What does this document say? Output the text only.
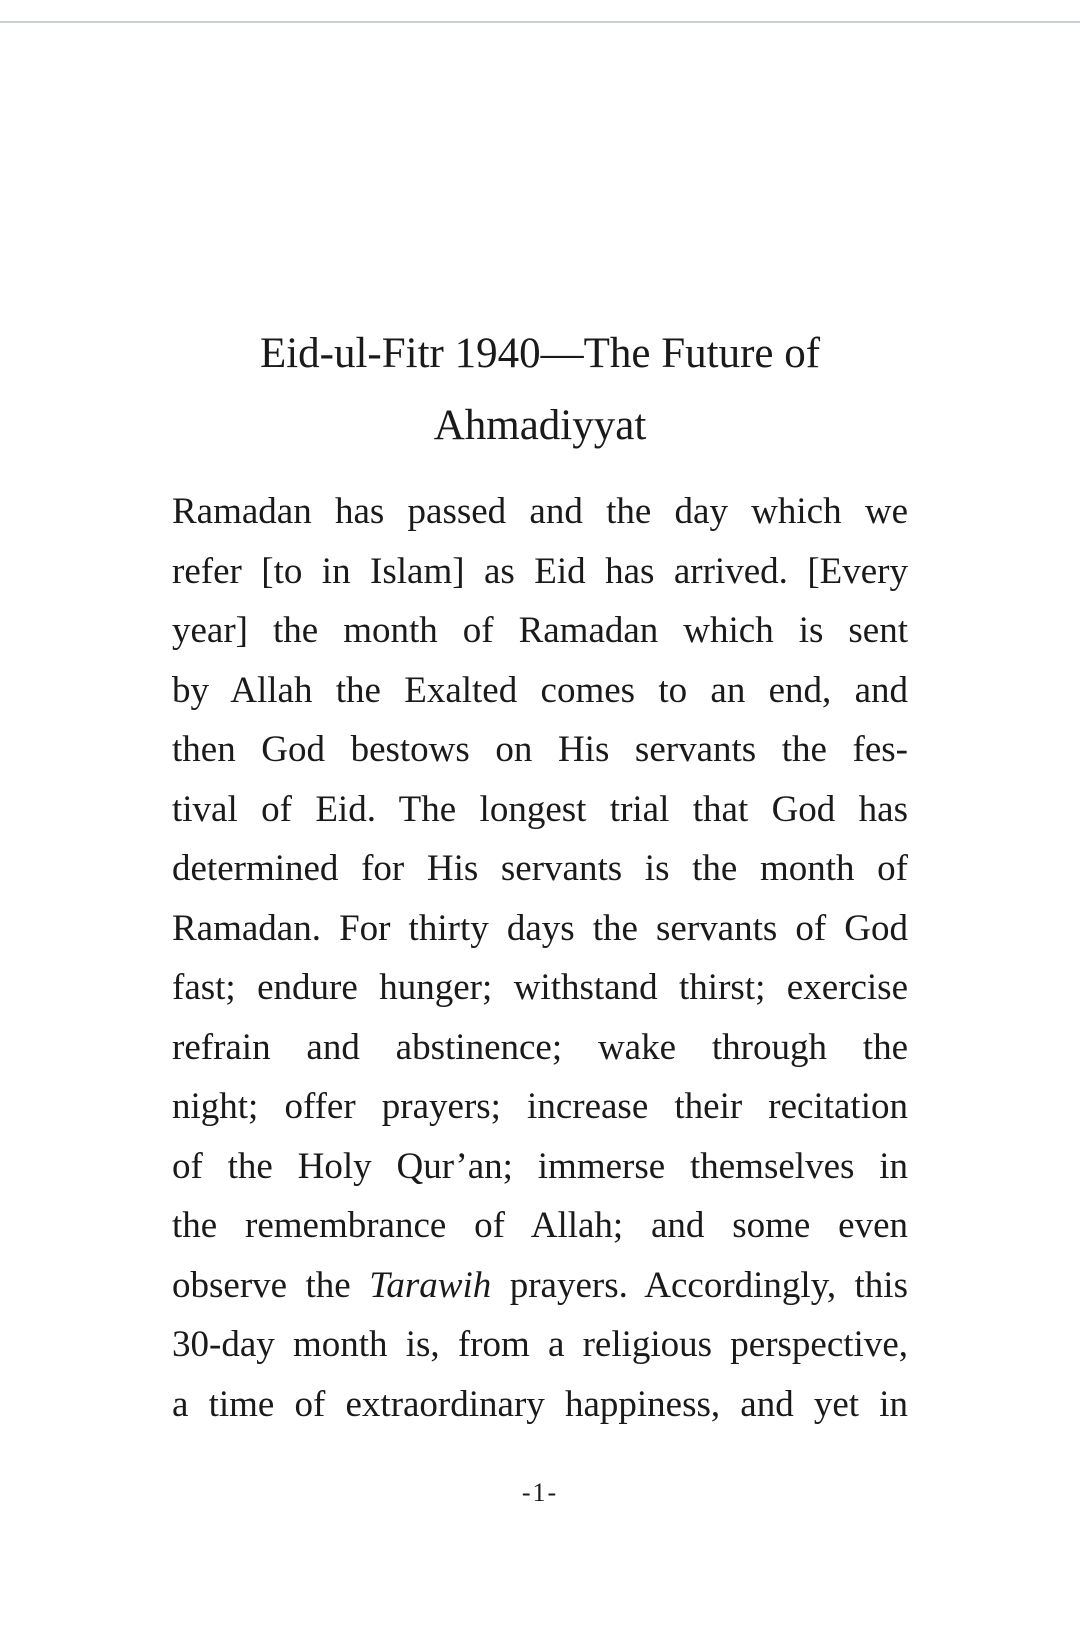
Eid-ul-Fitr 1940—The Future of
Ahmadiyyat
Ramadan has passed and the day which we
refer [to in Islam] as Eid has arrived. [Every
year] the month of Ramadan which is sent
by Allah the Exalted comes to an end, and
then God bestows on His servants the fes-
tival of Eid. The longest trial that God has
determined for His servants is the month of
Ramadan. For thirty days the servants of God
fast; endure hunger; withstand thirst; exercise
refrain and abstinence; wake through the
night; offer prayers; increase their recitation
of the Holy Qur’an; immerse themselves in
the remembrance of Allah; and some even
observe the Tarawih prayers. Accordingly, this
30-day month is, from a religious perspective,
a time of extraordinary happiness, and yet in
-1-
